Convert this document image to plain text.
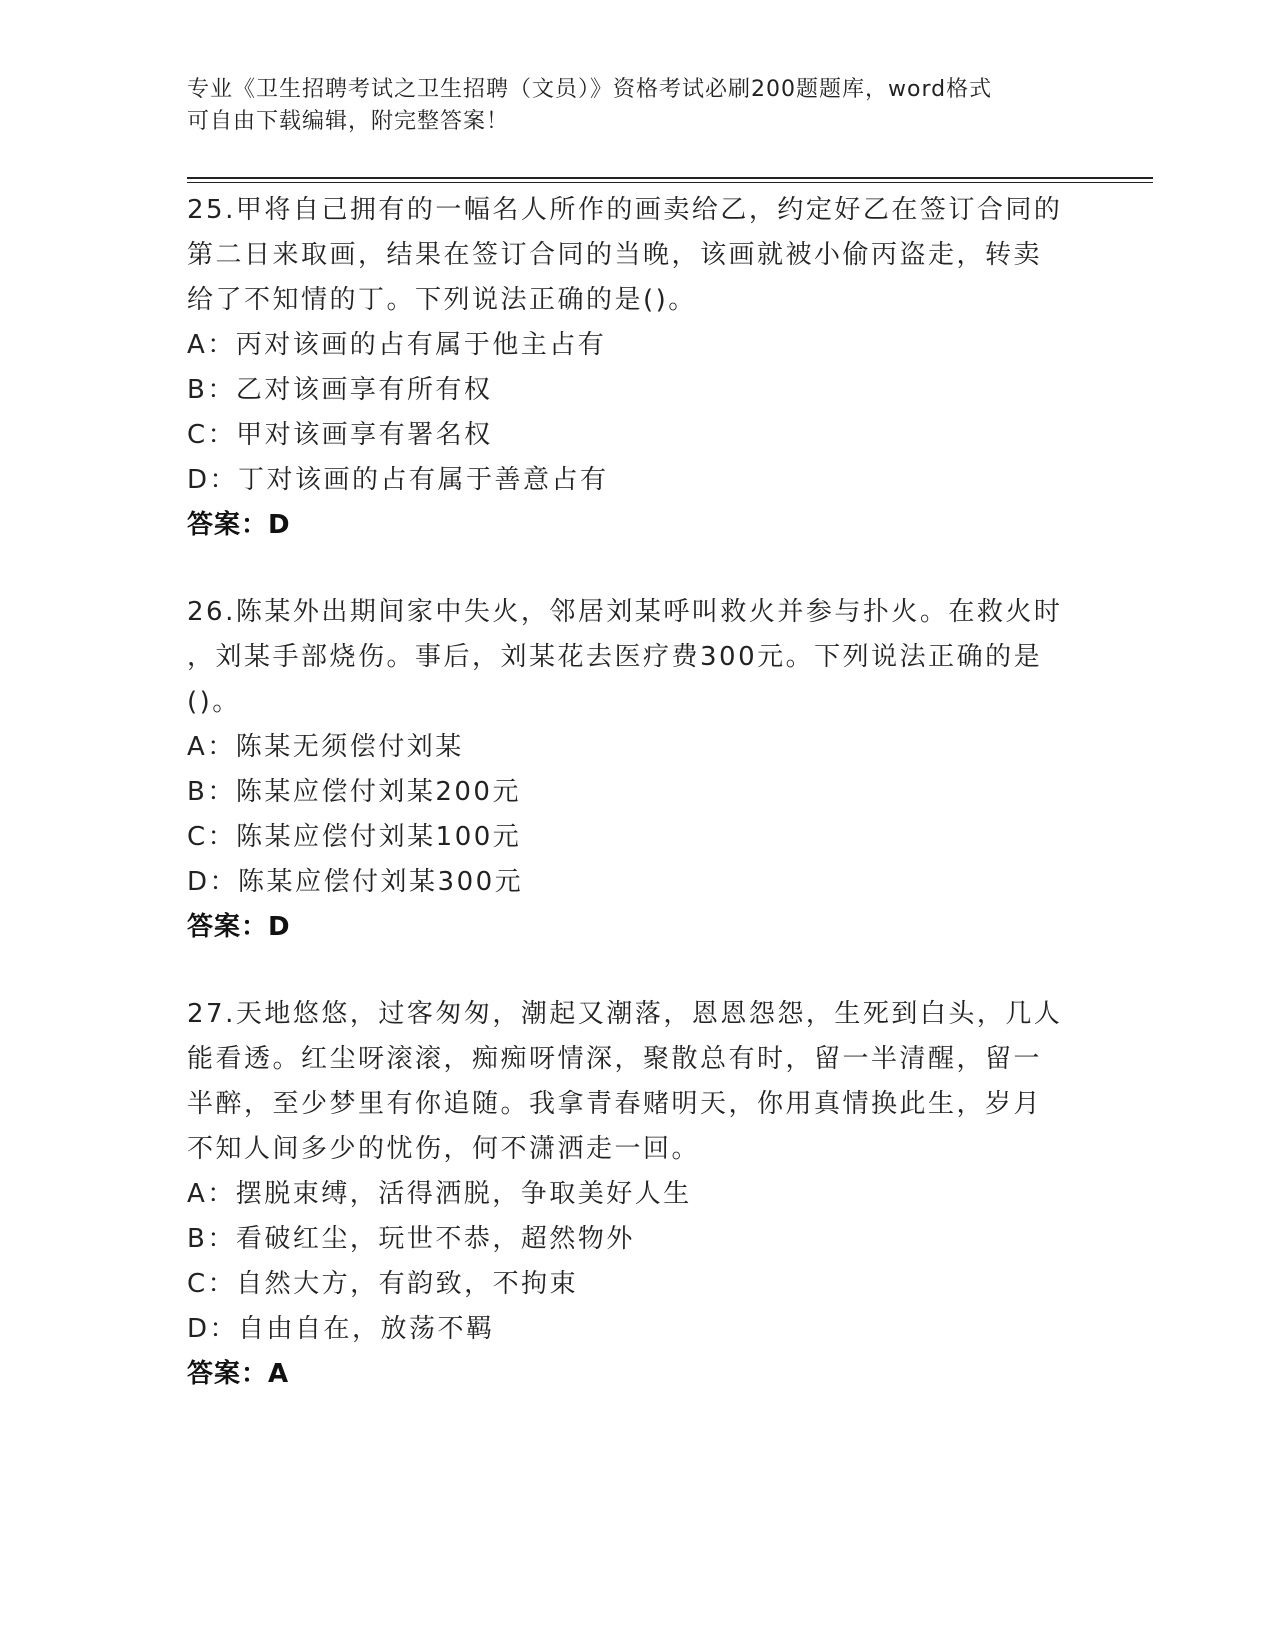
专业《卫生招聘考试之卫生招聘（文员）》资格考试必刷200题题库，word格式
可自由下载编辑，附完整答案！
25.甲将自己拥有的一幅名人所作的画卖给乙，约定好乙在签订合同的
第二日来取画，结果在签订合同的当晚，该画就被小偷丙盗走，转卖
给了不知情的丁。下列说法正确的是()。
A：丙对该画的占有属于他主占有
B：乙对该画享有所有权
C：甲对该画享有署名权
D：丁对该画的占有属于善意占有
答案：D
26.陈某外出期间家中失火，邻居刘某呼叫救火并参与扑火。在救火时
，刘某手部烧伤。事后，刘某花去医疗费300元。下列说法正确的是
()。
A：陈某无须偿付刘某
B：陈某应偿付刘某200元
C：陈某应偿付刘某100元
D：陈某应偿付刘某300元
答案：D
27.天地悠悠，过客匆匆，潮起又潮落，恩恩怨怨，生死到白头，几人
能看透。红尘呀滚滚，痴痴呀情深，聚散总有时，留一半清醒，留一
半醉，至少梦里有你追随。我拿青春赌明天，你用真情换此生，岁月
不知人间多少的忧伤，何不潇洒走一回。
A：摆脱束缚，活得洒脱，争取美好人生
B：看破红尘，玩世不恭，超然物外
C：自然大方，有韵致，不拘束
D：自由自在，放荡不羁
答案：A
